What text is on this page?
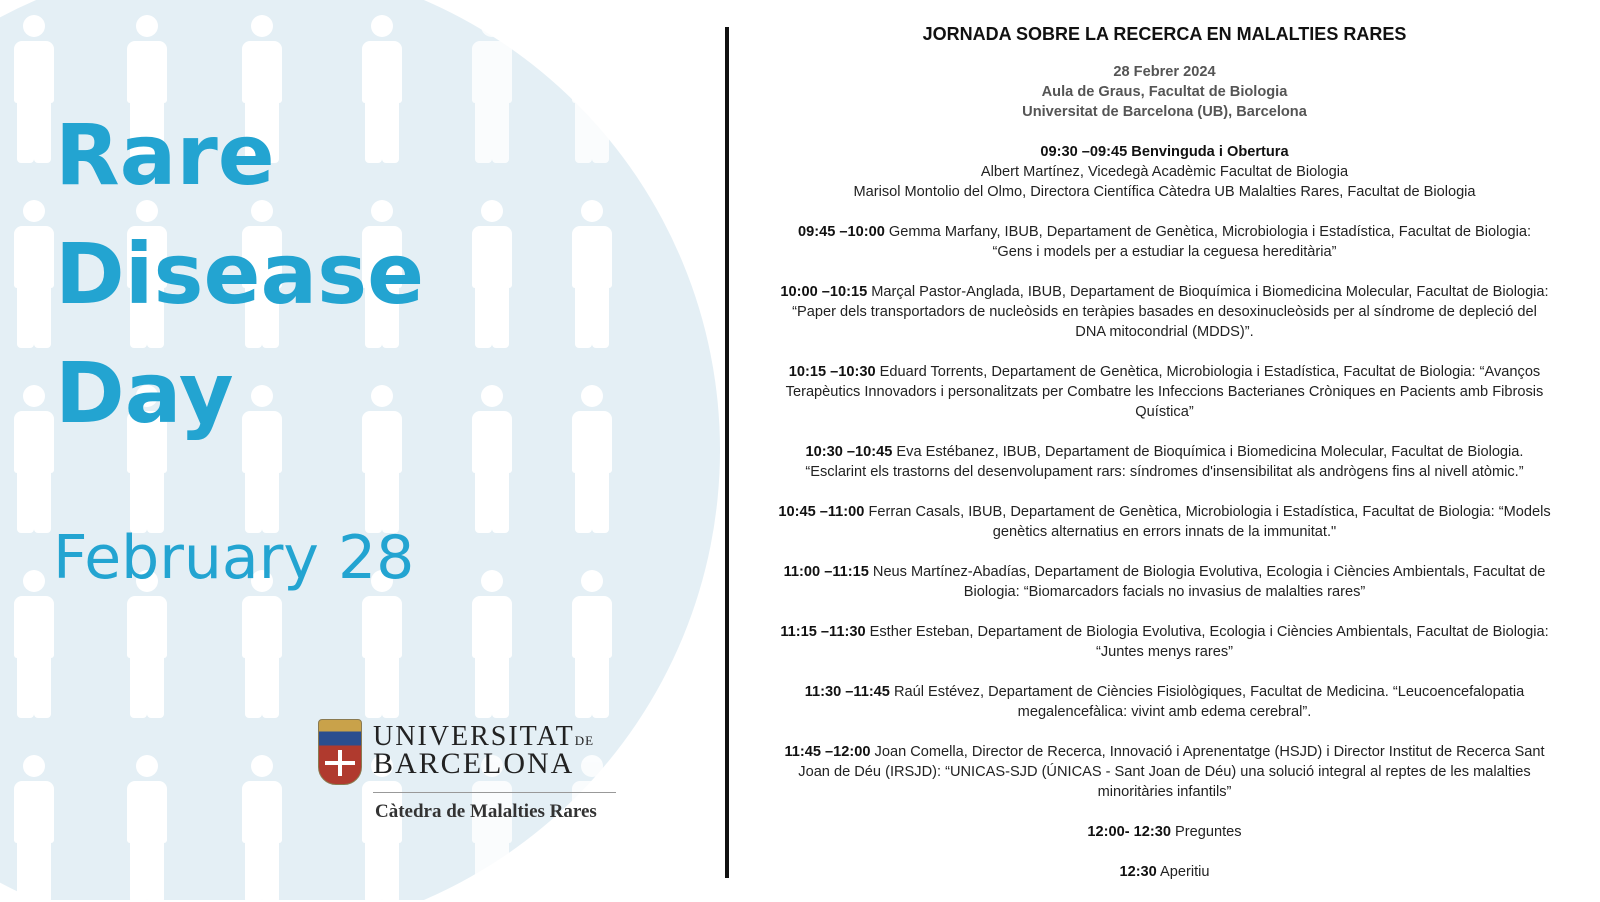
Rare
Disease
Day
February 28
UNIVERSITATDE
BARCELONA
Càtedra de Malalties Rares
JORNADA SOBRE LA RECERCA EN MALALTIES RARES
28 Febrer 2024
Aula de Graus, Facultat de Biologia
Universitat de Barcelona (UB), Barcelona
09:30 –09:45 Benvinguda i Obertura
Albert Martínez, Vicedegà Acadèmic Facultat de Biologia
Marisol Montolio del Olmo, Directora Científica Càtedra UB Malalties Rares, Facultat de Biologia
09:45 –10:00 Gemma Marfany, IBUB, Departament de Genètica, Microbiologia i Estadística, Facultat de Biologia:
“Gens i models per a estudiar la ceguesa hereditària”
10:00 –10:15 Marçal Pastor-Anglada, IBUB, Departament de Bioquímica i Biomedicina Molecular, Facultat de Biologia:
“Paper dels transportadors de nucleòsids en teràpies basades en desoxinucleòsids per al síndrome de depleció del
DNA mitocondrial (MDDS)”.
10:15 –10:30 Eduard Torrents, Departament de Genètica, Microbiologia i Estadística, Facultat de Biologia: “Avanços
Terapèutics Innovadors i personalitzats per Combatre les Infeccions Bacterianes Cròniques en Pacients amb Fibrosis
Quística”
10:30 –10:45 Eva Estébanez, IBUB, Departament de Bioquímica i Biomedicina Molecular, Facultat de Biologia.
“Esclarint els trastorns del desenvolupament rars: síndromes d'insensibilitat als andrògens fins al nivell atòmic.”
10:45 –11:00 Ferran Casals, IBUB, Departament de Genètica, Microbiologia i Estadística, Facultat de Biologia: “Models
genètics alternatius en errors innats de la immunitat."
11:00 –11:15 Neus Martínez-Abadías, Departament de Biologia Evolutiva, Ecologia i Ciències Ambientals, Facultat de
Biologia: “Biomarcadors facials no invasius de malalties rares”
11:15 –11:30 Esther Esteban, Departament de Biologia Evolutiva, Ecologia i Ciències Ambientals, Facultat de Biologia:
“Juntes menys rares”
11:30 –11:45 Raúl Estévez, Departament de Ciències Fisiològiques, Facultat de Medicina. “Leucoencefalopatia
megalencefàlica: vivint amb edema cerebral”.
11:45 –12:00 Joan Comella, Director de Recerca, Innovació i Aprenentatge (HSJD) i Director Institut de Recerca Sant
Joan de Déu (IRSJD): “UNICAS-SJD (ÚNICAS - Sant Joan de Déu) una solució integral al reptes de les malalties
minoritàries infantils”
12:00- 12:30 Preguntes
12:30 Aperitiu
